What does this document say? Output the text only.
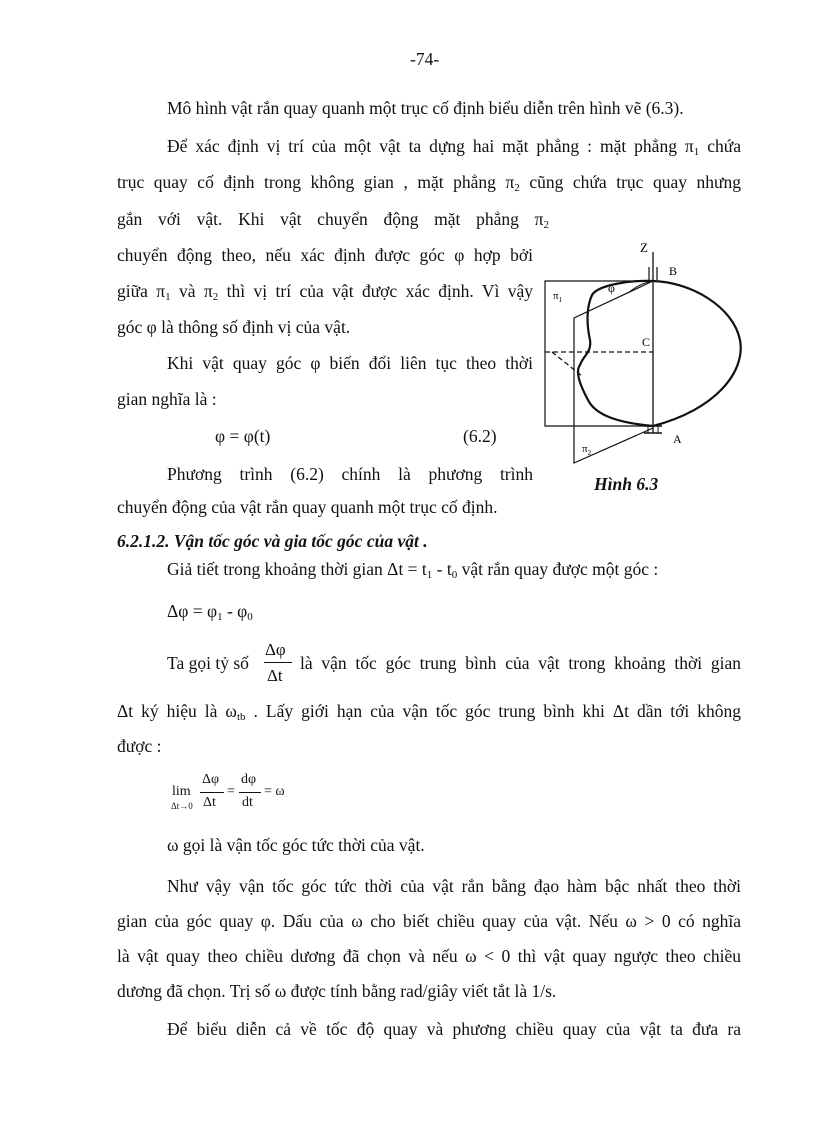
-74-
Mô hình vật rắn quay quanh một trục cố định biểu diễn trên hình vẽ (6.3).
Để xác định vị trí của một vật ta dựng hai mặt phẳng : mặt phẳng $\pi_1$ chứa
trục quay cố định trong không gian , mặt phẳng $\pi_2$ cũng chứa trục quay nhưng
gắn với vật. Khi vật chuyển động mặt phẳng $\pi_2$
chuyển động theo, nếu xác định được góc φ hợp bởi
giữa $\pi_1$ và $\pi_2$ thì vị trí của vật được xác định. Vì vậy
góc φ là thông số định vị của vật.
Khi vật quay góc φ biến đổi liên tục theo thời
gian nghĩa là :
φ = φ(t)	(6.2)
Phương trình (6.2) chính là phương trình
chuyển động của vật rắn quay quanh một trục cố định.
6.2.1.2. Vận tốc góc và gia tốc góc của vật .
Giả tiết trong khoảng thời gian $\Delta t = t_1 - t_0$ vật rắn quay được một góc :
$\Delta\varphi = \varphi_1 - \varphi_0$
Ta gọi tỷ số
Δφ
Δt
là vận tốc góc trung bình của vật trong khoảng thời gian
Δt ký hiệu là $\omega_{tb}$ . Lấy giới hạn của vận tốc góc trung bình khi Δt dần tới không
được :
lim
Δt→0
Δφ
Δt
=
dφ
dt
= ω
ω gọi là vận tốc góc tức thời của vật.
Như vậy vận tốc góc tức thời của vật rắn bằng đạo hàm bậc nhất theo thời
gian của góc quay φ. Dấu của ω cho biết chiều quay của vật. Nếu ω > 0 có nghĩa
là vật quay theo chiều dương đã chọn và nếu ω < 0 thì vật quay ngược theo chiều
dương đã chọn. Trị số ω được tính bằng rad/giây viết tắt là 1/s.
Để biểu diễn cả về tốc độ quay và phương chiều quay của vật ta đưa ra
Z
B
C
A
φ
$\pi_1$
$\pi_2$
Hình 6.3
